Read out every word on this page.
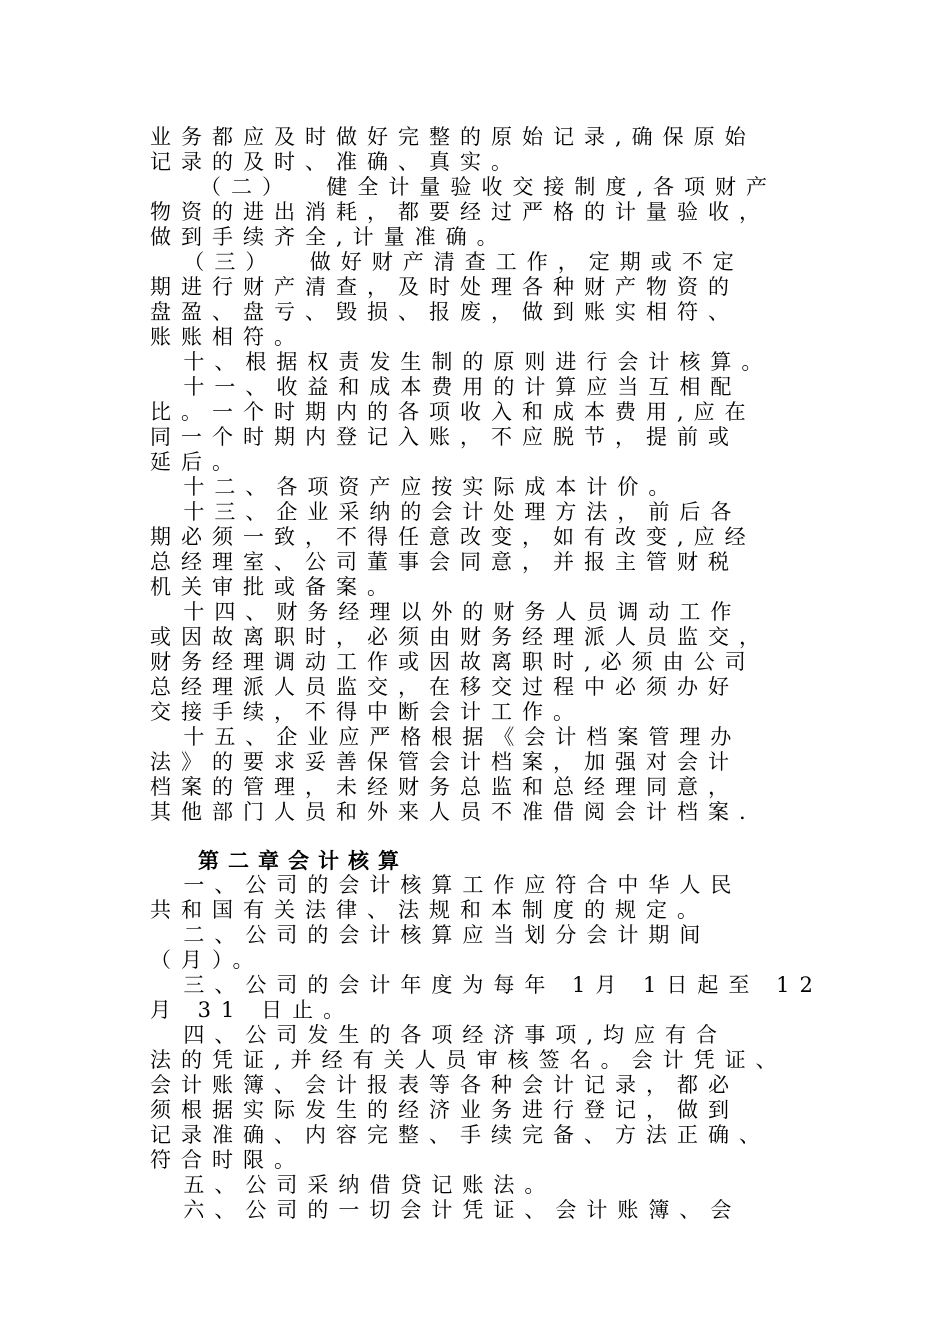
业务都应及时做好完整的原始记录,确保原始
记录的及时、准确、真实。
（二）  健全计量验收交接制度,各项财产
物资的进出消耗，都要经过严格的计量验收，
做到手续齐全,计量准确。
（三）  做好财产清查工作，定期或不定
期进行财产清查，及时处理各种财产物资的
盘盈、盘亏、毁损、报废，做到账实相符、
账账相符。
十、根据权责发生制的原则进行会计核算。
十一、收益和成本费用的计算应当互相配
比。一个时期内的各项收入和成本费用,应在
同一个时期内登记入账，不应脱节，提前或
延后。
十二、各项资产应按实际成本计价。
十三、企业采纳的会计处理方法，前后各
期必须一致，不得任意改变，如有改变,应经
总经理室、公司董事会同意，并报主管财税
机关审批或备案。
十四、财务经理以外的财务人员调动工作
或因故离职时，必须由财务经理派人员监交，
财务经理调动工作或因故离职时,必须由公司
总经理派人员监交，在移交过程中必须办好
交接手续，不得中断会计工作。
十五、企业应严格根据《会计档案管理办
法》的要求妥善保管会计档案，加强对会计
档案的管理，未经财务总监和总经理同意，
其他部门人员和外来人员不准借阅会计档案.
第二章会计核算
一、公司的会计核算工作应符合中华人民
共和国有关法律、法规和本制度的规定。
二、公司的会计核算应当划分会计期间
（月）。
三、公司的会计年度为每年 1月 1日起至 12
月 31 日止。
四、公司发生的各项经济事项,均应有合
法的凭证,并经有关人员审核签名。会计凭证、
会计账簿、会计报表等各种会计记录，都必
须根据实际发生的经济业务进行登记，做到
记录准确、内容完整、手续完备、方法正确、
符合时限。
五、公司采纳借贷记账法。
六、公司的一切会计凭证、会计账簿、会
